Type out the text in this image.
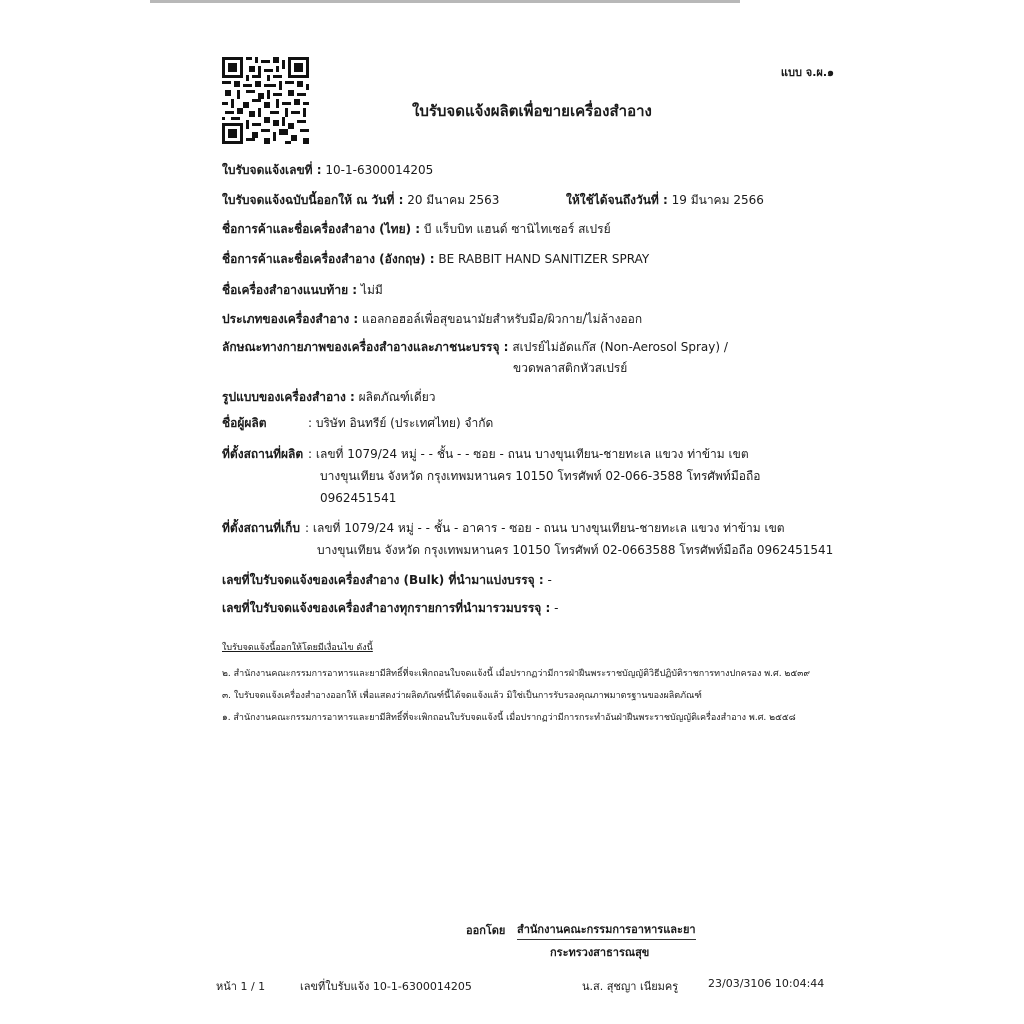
แบบ จ.ผ.๑
ใบรับจดแจ้งผลิตเพื่อขายเครื่องสำอาง
ใบรับจดแจ้งเลขที่ : 10-1-6300014205
ใบรับจดแจ้งฉบับนี้ออกให้ ณ วันที่ : 20 มีนาคม 2563	ให้ใช้ได้จนถึงวันที่ : 19 มีนาคม 2566
ชื่อการค้าและชื่อเครื่องสำอาง (ไทย) : บี แร็บบิท แฮนด์ ซานิไทเซอร์ สเปรย์
ชื่อการค้าและชื่อเครื่องสำอาง (อังกฤษ) : BE RABBIT HAND SANITIZER SPRAY
ชื่อเครื่องสำอางแนบท้าย : ไม่มี
ประเภทของเครื่องสำอาง : แอลกอฮอล์เพื่อสุขอนามัยสำหรับมือ/ผิวกาย/ไม่ล้างออก
ลักษณะทางกายภาพของเครื่องสำอางและภาชนะบรรจุ : สเปรย์ไม่อัดแก๊ส (Non-Aerosol Spray) /
ขวดพลาสติกหัวสเปรย์
รูปแบบของเครื่องสำอาง : ผลิตภัณฑ์เดี่ยว
ชื่อผู้ผลิต	: บริษัท อินทรีย์ (ประเทศไทย) จำกัด
ที่ตั้งสถานที่ผลิต : เลขที่ 1079/24 หมู่ - - ชั้น - - ซอย - ถนน บางขุนเทียน-ชายทะเล แขวง ท่าข้าม เขต
บางขุนเทียน จังหวัด กรุงเทพมหานคร 10150 โทรศัพท์ 02-066-3588 โทรศัพท์มือถือ
0962451541
ที่ตั้งสถานที่เก็บ : เลขที่ 1079/24 หมู่ - - ชั้น - อาคาร - ซอย - ถนน บางขุนเทียน-ชายทะเล แขวง ท่าข้าม เขต
บางขุนเทียน จังหวัด กรุงเทพมหานคร 10150 โทรศัพท์ 02-0663588 โทรศัพท์มือถือ 0962451541
เลขที่ใบรับจดแจ้งของเครื่องสำอาง (Bulk) ที่นำมาแบ่งบรรจุ : -
เลขที่ใบรับจดแจ้งของเครื่องสำอางทุกรายการที่นำมารวมบรรจุ : -
ใบรับจดแจ้งนี้ออกให้โดยมีเงื่อนไข ดังนี้
๒. สำนักงานคณะกรรมการอาหารและยามีสิทธิ์ที่จะเพิกถอนใบจดแจ้งนี้ เมื่อปรากฏว่ามีการฝ่าฝืนพระราชบัญญัติวิธีปฏิบัติราชการทางปกครอง พ.ศ. ๒๕๓๙
๓. ใบรับจดแจ้งเครื่องสำอางออกให้ เพื่อแสดงว่าผลิตภัณฑ์นี้ได้จดแจ้งแล้ว มิใช่เป็นการรับรองคุณภาพมาตรฐานของผลิตภัณฑ์
๑. สำนักงานคณะกรรมการอาหารและยามีสิทธิ์ที่จะเพิกถอนใบรับจดแจ้งนี้ เมื่อปรากฏว่ามีการกระทำอันฝ่าฝืนพระราชบัญญัติเครื่องสำอาง พ.ศ. ๒๕๕๘
ออกโดย สำนักงานคณะกรรมการอาหารและยา
กระทรวงสาธารณสุข
หน้า 1 / 1	เลขที่ใบรับแจ้ง 10-1-6300014205	น.ส. สุชญา เนียมครู	23/03/3106 10:04:44
